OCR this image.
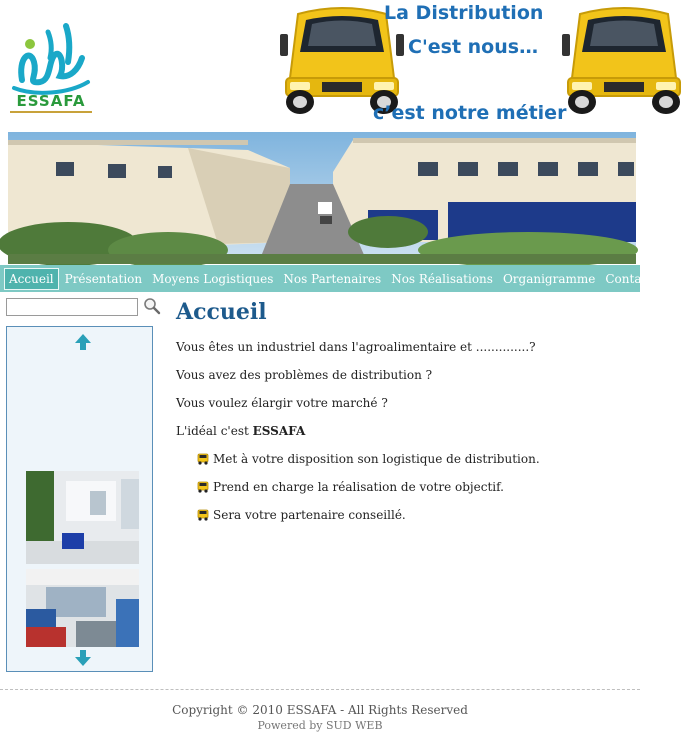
ESSAFA
La Distribution
C'est nous…
c’est notre métier
Accueil Présentation Moyens Logistiques Nos Partenaires Nos Réalisations Organigramme Contact
Accueil

Vous êtes un industriel dans l'agroalimentaire et ..............?

Vous avez des problèmes de distribution ?

Vous voulez élargir votre marché ?

L'idéal c'est ESSAFA

Met à votre disposition son logistique de distribution.
Prend en charge la réalisation de votre objectif.
Sera votre partenaire conseillé.
Copyright © 2010 ESSAFA - All Rights Reserved
Powered by SUD WEB
